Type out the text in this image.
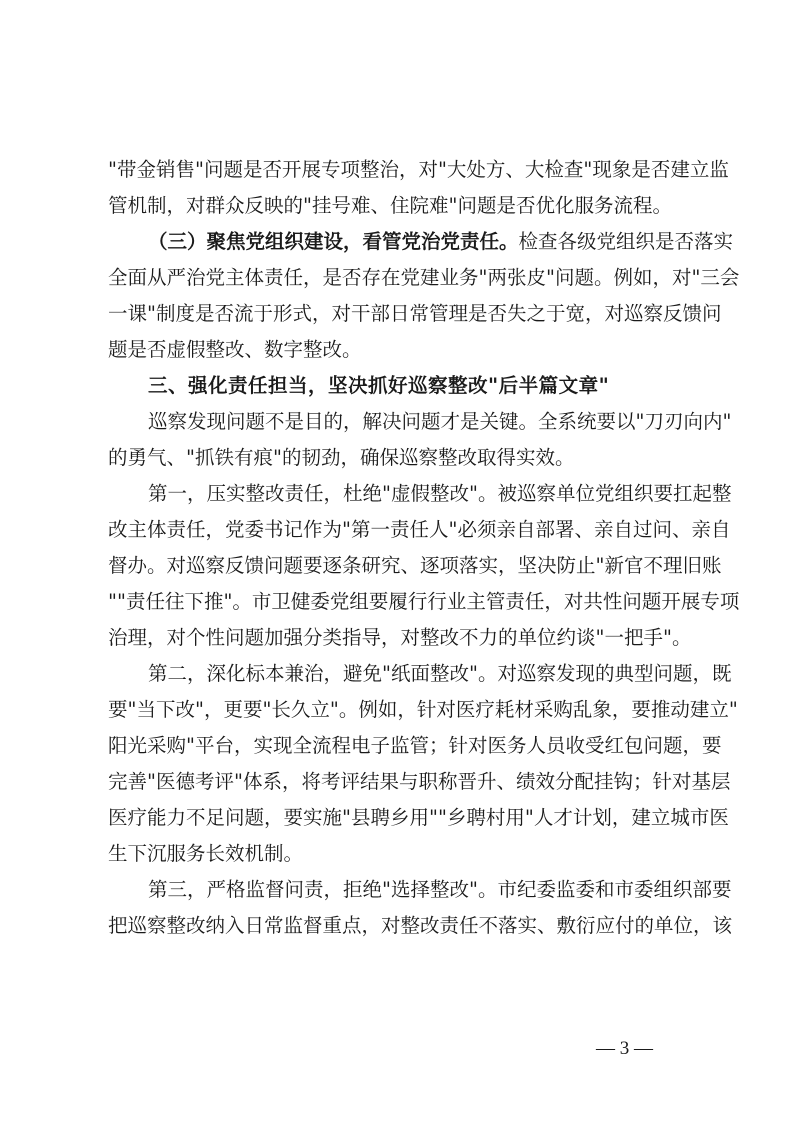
"带金销售"问题是否开展专项整治，对"大处方、大检查"现象是否建立监
管机制，对群众反映的"挂号难、住院难"问题是否优化服务流程。
（三）聚焦党组织建设，看管党治党责任。检查各级党组织是否落实
全面从严治党主体责任，是否存在党建业务"两张皮"问题。例如，对"三会
一课"制度是否流于形式，对干部日常管理是否失之于宽，对巡察反馈问
题是否虚假整改、数字整改。
三、强化责任担当，坚决抓好巡察整改"后半篇文章"
巡察发现问题不是目的，解决问题才是关键。全系统要以"刀刃向内"
的勇气、"抓铁有痕"的韧劲，确保巡察整改取得实效。
第一，压实整改责任，杜绝"虚假整改"。被巡察单位党组织要扛起整
改主体责任，党委书记作为"第一责任人"必须亲自部署、亲自过问、亲自
督办。对巡察反馈问题要逐条研究、逐项落实，坚决防止"新官不理旧账
""责任往下推"。市卫健委党组要履行行业主管责任，对共性问题开展专项
治理，对个性问题加强分类指导，对整改不力的单位约谈"一把手"。
第二，深化标本兼治，避免"纸面整改"。对巡察发现的典型问题，既
要"当下改"，更要"长久立"。例如，针对医疗耗材采购乱象，要推动建立"
阳光采购"平台，实现全流程电子监管；针对医务人员收受红包问题，要
完善"医德考评"体系，将考评结果与职称晋升、绩效分配挂钩；针对基层
医疗能力不足问题，要实施"县聘乡用""乡聘村用"人才计划，建立城市医
生下沉服务长效机制。
第三，严格监督问责，拒绝"选择整改"。市纪委监委和市委组织部要
把巡察整改纳入日常监督重点，对整改责任不落实、敷衍应付的单位，该
— 3 —
